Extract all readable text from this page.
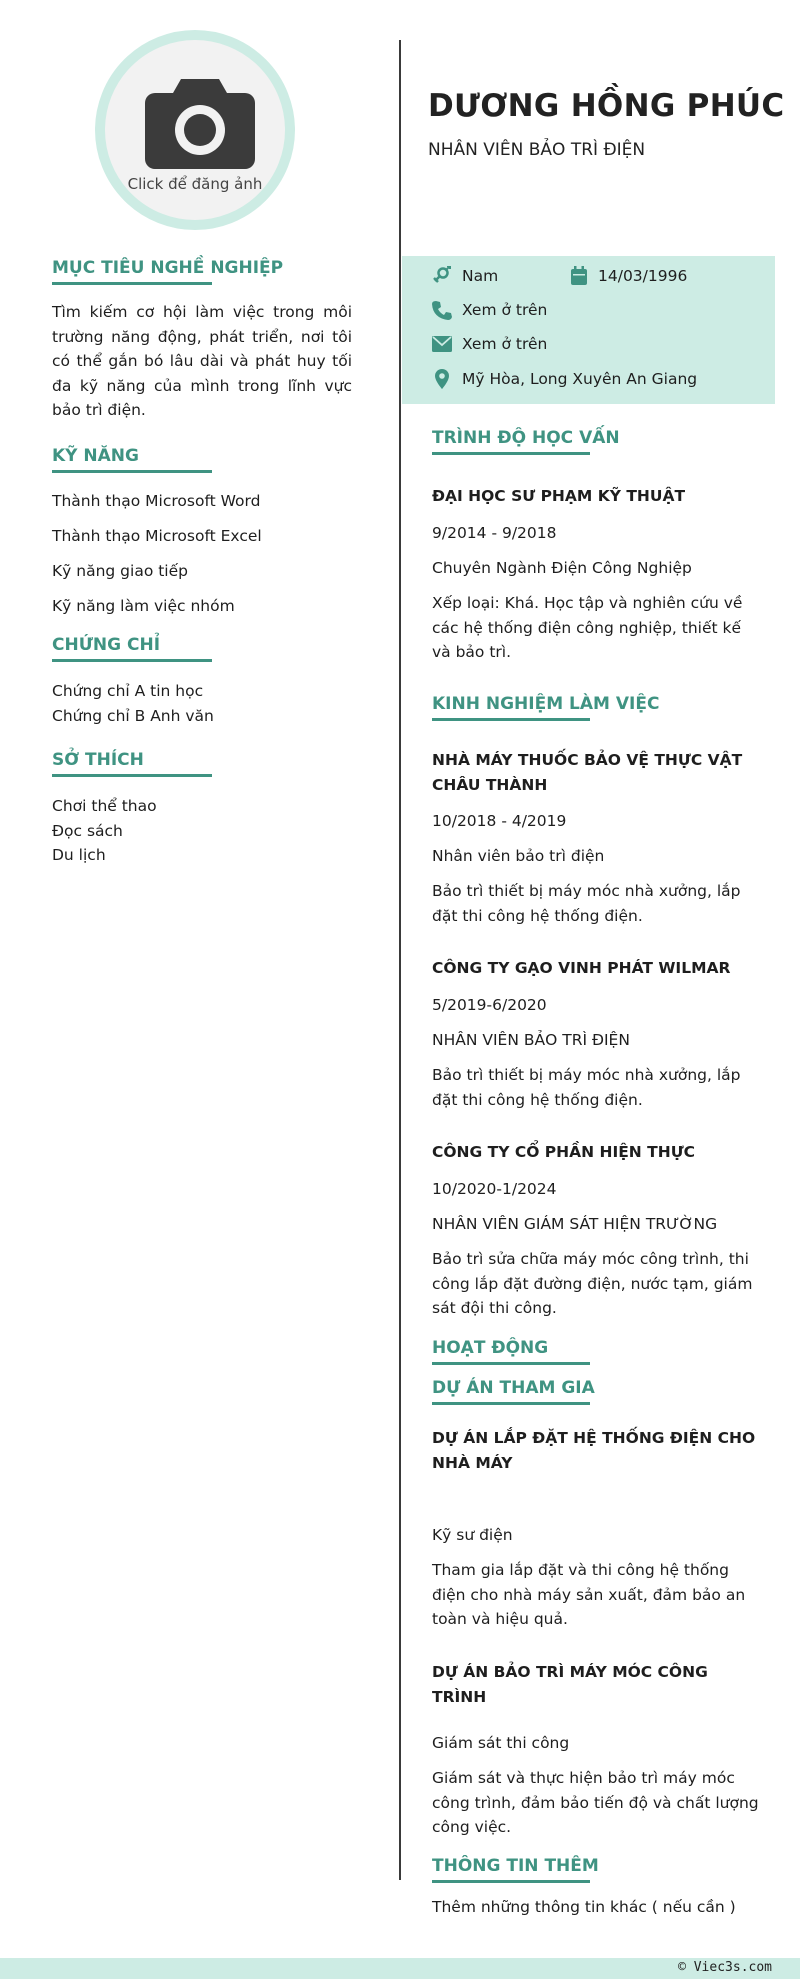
Click để đăng ảnh
MỤC TIÊU NGHỀ NGHIỆP
Tìm kiếm cơ hội làm việc trong môi trường năng động, phát triển, nơi tôi có thể gắn bó lâu dài và phát huy tối đa kỹ năng của mình trong lĩnh vực bảo trì điện.
KỸ NĂNG
Thành thạo Microsoft Word
Thành thạo Microsoft Excel
Kỹ năng giao tiếp
Kỹ năng làm việc nhóm
CHỨNG CHỈ
Chứng chỉ A tin học
Chứng chỉ B Anh văn
SỞ THÍCH
Chơi thể thao
Đọc sách
Du lịch
DƯƠNG HỒNG PHÚC
NHÂN VIÊN BẢO TRÌ ĐIỆN
Nam	14/03/1996
Xem ở trên
Xem ở trên
Mỹ Hòa, Long Xuyên An Giang
TRÌNH ĐỘ HỌC VẤN
ĐẠI HỌC SƯ PHẠM KỸ THUẬT
9/2014 - 9/2018
Chuyên Ngành Điện Công Nghiệp
Xếp loại: Khá. Học tập và nghiên cứu về các hệ thống điện công nghiệp, thiết kế và bảo trì.
KINH NGHIỆM LÀM VIỆC
NHÀ MÁY THUỐC BẢO VỆ THỰC VẬT CHÂU THÀNH
10/2018 - 4/2019
Nhân viên bảo trì điện
Bảo trì thiết bị máy móc nhà xưởng, lắp đặt thi công hệ thống điện.
CÔNG TY GẠO VINH PHÁT WILMAR
5/2019-6/2020
NHÂN VIÊN BẢO TRÌ ĐIỆN
Bảo trì thiết bị máy móc nhà xưởng, lắp đặt thi công hệ thống điện.
CÔNG TY CỔ PHẦN HIỆN THỰC
10/2020-1/2024
NHÂN VIÊN GIÁM SÁT HIỆN TRƯỜNG
Bảo trì sửa chữa máy móc công trình, thi công lắp đặt đường điện, nước tạm, giám sát đội thi công.
HOẠT ĐỘNG
DỰ ÁN THAM GIA
DỰ ÁN LẮP ĐẶT HỆ THỐNG ĐIỆN CHO NHÀ MÁY
Kỹ sư điện
Tham gia lắp đặt và thi công hệ thống điện cho nhà máy sản xuất, đảm bảo an toàn và hiệu quả.
DỰ ÁN BẢO TRÌ MÁY MÓC CÔNG TRÌNH
Giám sát thi công
Giám sát và thực hiện bảo trì máy móc công trình, đảm bảo tiến độ và chất lượng công việc.
THÔNG TIN THÊM
Thêm những thông tin khác ( nếu cần )
© Viec3s.com
